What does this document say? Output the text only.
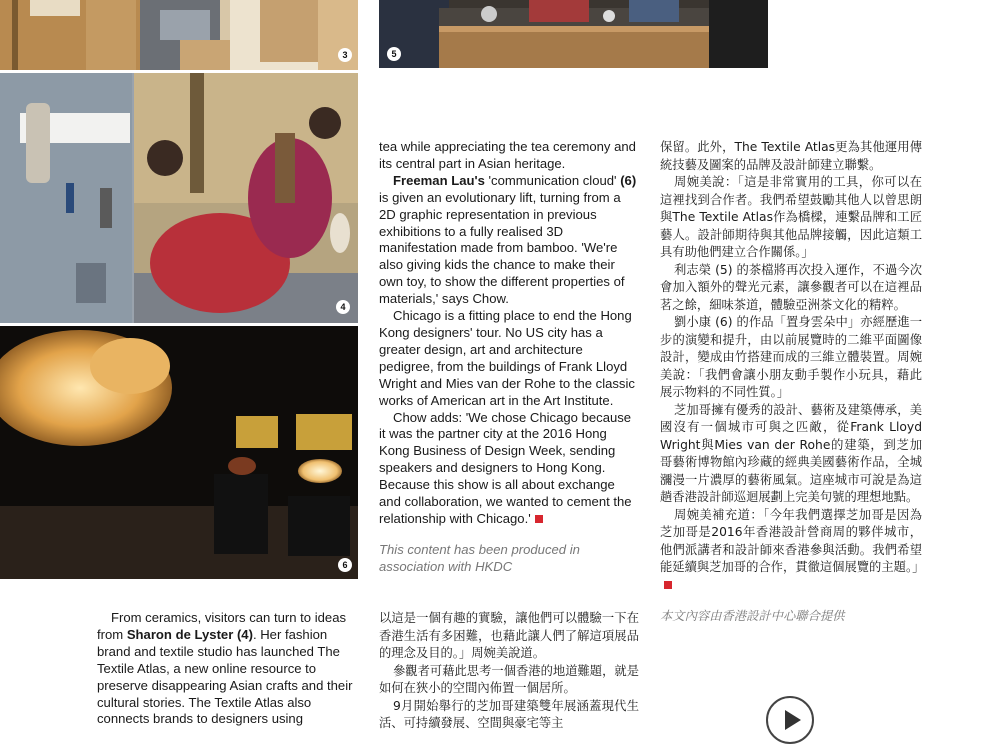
3	5
4
6

tea while appreciating the tea ceremony and its central part in Asian heritage.

Freeman Lau's 'communication cloud' (6) is given an evolutionary lift, turning from a 2D graphic representation in previous exhibitions to a fully realised 3D manifestation made from bamboo. 'We're also giving kids the chance to make their own toy, to show the different properties of materials,' says Chow.

Chicago is a fitting place to end the Hong Kong designers' tour. No US city has a greater design, art and architecture pedigree, from the buildings of Frank Lloyd Wright and Mies van der Rohe to the classic works of American art in the Art Institute.

Chow adds: 'We chose Chicago because it was the partner city at the 2016 Hong Kong Business of Design Week, sending speakers and designers to Hong Kong. Because this show is all about exchange and collaboration, we wanted to cement the relationship with Chicago.'

This content has been produced in association with HKDC

From ceramics, visitors can turn to ideas from Sharon de Lyster (4). Her fashion brand and textile studio has launched The Textile Atlas, a new online resource to preserve disappearing Asian crafts and their cultural stories. The Textile Atlas also connects brands to designers using

以這是一個有趣的實驗，讓他們可以體驗一下在香港生活有多困難，也藉此讓人們了解這項展品的理念及目的。」周婉美說道。

參觀者可藉此思考一個香港的地道難題，就是如何在狹小的空間內佈置一個居所。

9月開始舉行的芝加哥建築雙年展涵蓋現代生活、可持續發展、空間與豪宅等主

保留。此外，The Textile Atlas更為其他運用傳統技藝及圖案的品牌及設計師建立聯繫。

周婉美說：「這是非常實用的工具，你可以在這裡找到合作者。我們希望鼓勵其他人以曾思朗與The Textile Atlas作為橋樑，連繫品牌和工匠藝人。設計師期待與其他品牌接觸，因此這類工具有助他們建立合作關係。」

利志榮 (5) 的茶檔將再次投入運作，不過今次會加入額外的聲光元素，讓參觀者可以在這裡品茗之餘，細味茶道，體驗亞洲茶文化的精粹。

劉小康 (6) 的作品「置身雲朵中」亦經歷進一步的演變和提升，由以前展覽時的二維平面圖像設計，變成由竹搭建而成的三維立體裝置。周婉美說：「我們會讓小朋友動手製作小玩具，藉此展示物料的不同性質。」

芝加哥擁有優秀的設計、藝術及建築傳承，美國沒有一個城市可與之匹敵，從Frank Lloyd Wright與Mies van der Rohe的建築，到芝加哥藝術博物館內珍藏的經典美國藝術作品，全城瀰漫一片濃厚的藝術風氣。這座城市可說是為這趟香港設計師巡迴展劃上完美句號的理想地點。

周婉美補充道：「今年我們選擇芝加哥是因為芝加哥是2016年香港設計營商周的夥伴城市，他們派講者和設計師來香港參與活動。我們希望能延續與芝加哥的合作，貫徹這個展覽的主題。」

本文內容由香港設計中心聯合提供
